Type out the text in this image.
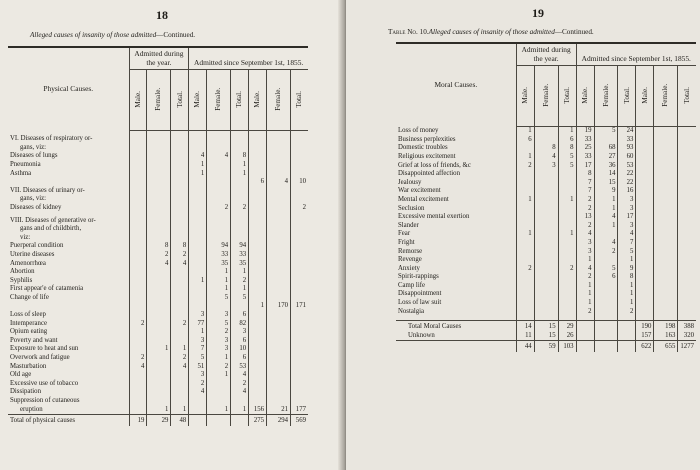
18
Alleged causes of insanity of those admitted—Continued.
Physical Causes.	Admitted during the year.			Admitted since September 1st, 1855.					
	Male.	Female.	Total.	Male.	Female.	Total.	Male.	Female.	Total.

VI. Diseases of respiratory or-									
gans, viz:									
Diseases of lungs				4	4	8			
Pneumonia				1		1			
Asthma				1		1			
							6	4	10
VII. Diseases of urinary or-									
gans, viz:									
Diseases of kidney					2	2			2

VIII. Diseases of generative or-									
gans and of childbirth,									
viz:									
Puerperal condition		8	8		94	94			
Uterine diseases		2	2		33	33			
Amenorrhœa		4	4		35	35			
Abortion					1	1			
Syphilis				1	1	2			
First appear'e of catamenia					1	1			
Change of life					5	5			
							1	170	171
Loss of sleep				3	3	6			
Intemperance	2		2	77	5	82			
Opium eating				1	2	3			
Poverty and want				3	3	6			
Exposure to heat and sun		1	1	7	3	10			
Overwork and fatigue	2		2	5	1	6			
Masturbation	4		4	51	2	53			
Old age				3	1	4			
Excessive use of tobacco				2		2			
Dissipation				4		4			
Suppression of cutaneous									
eruption		1	1		1	1	156	21	177
Total of physical causes	19	29	48				275	294	569
19
Table No. 10.Alleged causes of insanity of those admitted—Continued.
Moral Causes.	Admitted during the year.			Admitted since September 1st, 1855.					
	Male.	Female.	Total.	Male.	Female.	Total.	Male.	Female.	Total.
Loss of money	1		1	19	5	24			
Business perplexities	6		6	33		33			
Domestic troubles		8	8	25	68	93			
Religious excitement	1	4	5	33	27	60			
Grief at loss of friends, &c	2	3	5	17	36	53			
Disappointed affection				8	14	22			
Jealousy				7	15	22			
War excitement				7	9	16			
Mental excitement	1		1	2	1	3			
Seclusion				2	1	3			
Excessive mental exertion				13	4	17			
Slander				2	1	3			
Fear	1		1	4		4			
Fright				3	4	7			
Remorse				3	2	5			
Revenge				1		1			
Anxiety	2		2	4	5	9			
Spirit-rappings				2	6	8			
Camp life				1		1			
Disappointment				1		1			
Loss of law suit				1		1			
Nostalgia				2		2			

Total Moral Causes	14	15	29				190	198	388
Unknown	11	15	26				157	163	320
	44	59	103				622	655	1277
